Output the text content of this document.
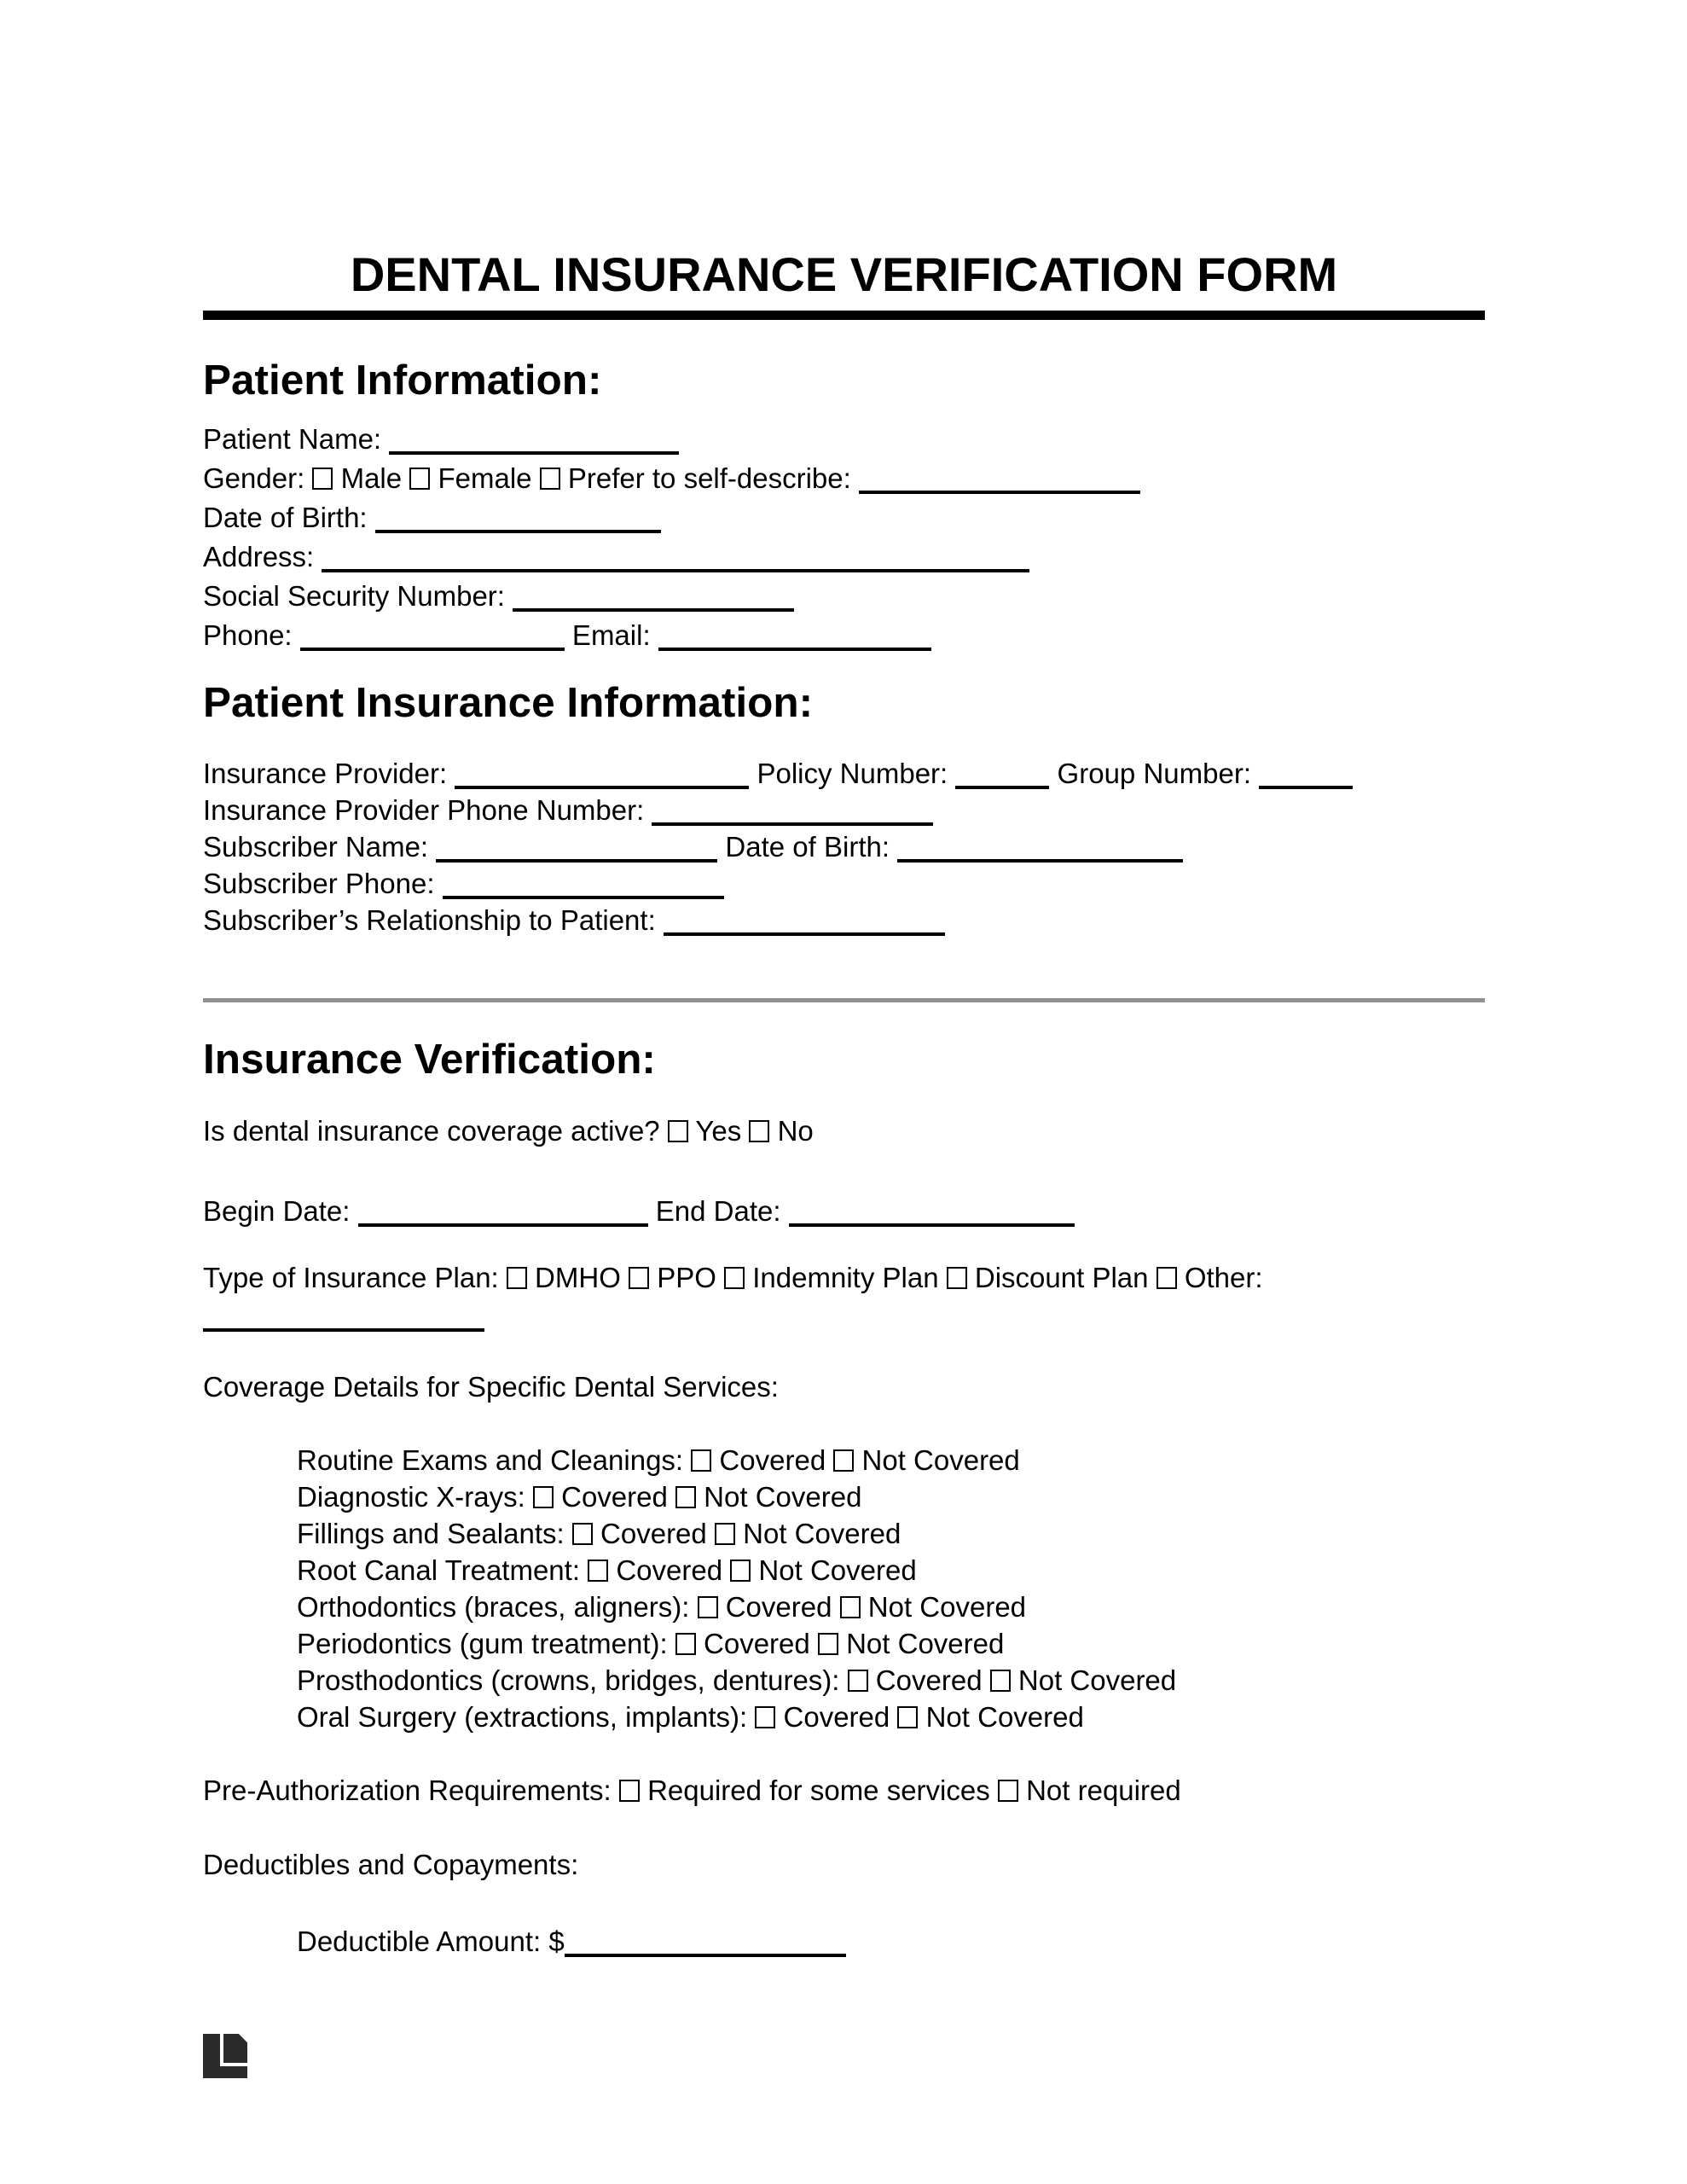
DENTAL INSURANCE VERIFICATION FORM
Patient Information:
Patient Name:
Gender:  Male  Female  Prefer to self-describe:
Date of Birth:
Address:
Social Security Number:
Phone:	Email:
Patient Insurance Information:
Insurance Provider:	Policy Number:	Group Number:
Insurance Provider Phone Number:
Subscriber Name:	Date of Birth:
Subscriber Phone:
Subscriber’s Relationship to Patient:
Insurance Verification:
Is dental insurance coverage active?  Yes  No
Begin Date:	End Date:
Type of Insurance Plan:  DMHO  PPO  Indemnity Plan  Discount Plan  Other:
Coverage Details for Specific Dental Services:
Routine Exams and Cleanings:  Covered  Not Covered
Diagnostic X-rays:  Covered  Not Covered
Fillings and Sealants:  Covered  Not Covered
Root Canal Treatment:  Covered  Not Covered
Orthodontics (braces, aligners):  Covered  Not Covered
Periodontics (gum treatment):  Covered  Not Covered
Prosthodontics (crowns, bridges, dentures):  Covered  Not Covered
Oral Surgery (extractions, implants):  Covered  Not Covered
Pre-Authorization Requirements:  Required for some services  Not required
Deductibles and Copayments:
Deductible Amount: $
